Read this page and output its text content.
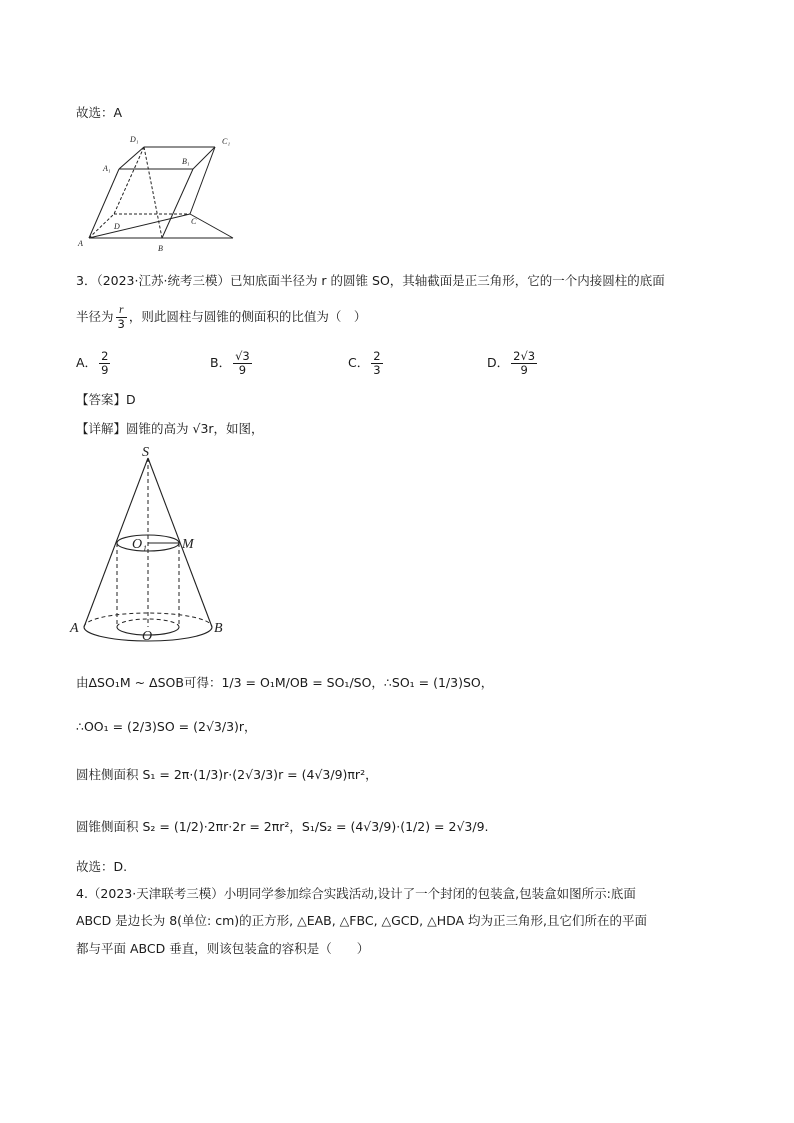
故选：A
D₁	C₁
A₁
B₁
A
B
C
D
3．（2023·江苏·统考三模）已知底面半径为 r 的圆锥 SO，其轴截面是正三角形，它的一个内接圆柱的底面
半径为 $\frac{r}{3}$ ，则此圆柱与圆锥的侧面积的比值为（　）
A． $\frac{2}{9}$	B． $\frac{√3}{9}$	C． $\frac{2}{3}$	D． $\frac{2√3}{9}$
【答案】D
【详解】圆锥的高为 √3r，如图，
S
O₁	M
A	B
O
由ΔSO₁M ~ ΔSOB可得：1/3 = O₁M/OB = SO₁/SO，∴SO₁ = (1/3)SO，
∴OO₁ = (2/3)SO = (2√3/3)r，
圆柱侧面积 S₁ = 2π·(1/3)r·(2√3/3)r = (4√3/9)πr²，
圆锥侧面积 S₂ = (1/2)·2πr·2r = 2πr²，S₁/S₂ = (4√3/9)·(1/2) = 2√3/9.
故选：D.
4.（2023·天津联考三模）小明同学参加综合实践活动,设计了一个封闭的包装盒,包装盒如图所示:底面
ABCD 是边长为 8(单位: cm)的正方形, △EAB, △FBC, △GCD, △HDA 均为正三角形,且它们所在的平面
都与平面 ABCD 垂直，则该包装盒的容积是（　　）
